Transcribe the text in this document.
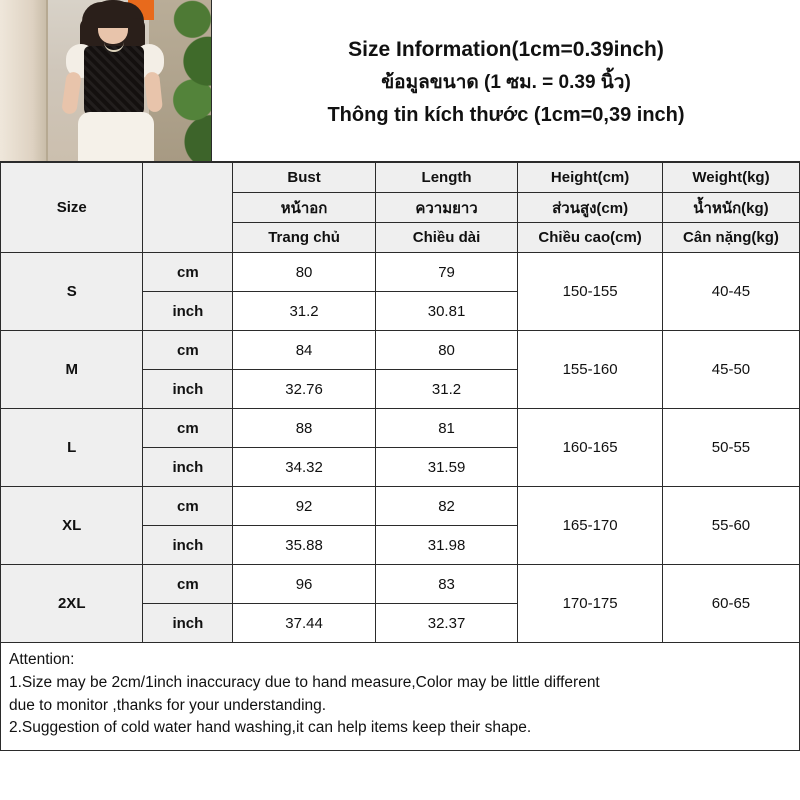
Size Information(1cm=0.39inch)
ข้อมูลขนาด (1 ซม. = 0.39 นิ้ว)
Thông tin kích thước (1cm=0,39 inch)
Size		Bust	Length	Height(cm)	Weight(kg)
		หน้าอก	ความยาว	ส่วนสูง(cm)	น้ำหนัก(kg)
		Trang chủ	Chiều dài	Chiều cao(cm)	Cân nặng(kg)
S	cm	80	79	150-155	40-45
	inch	31.2	30.81		
M	cm	84	80	155-160	45-50
	inch	32.76	31.2		
L	cm	88	81	160-165	50-55
	inch	34.32	31.59		
XL	cm	92	82	165-170	55-60
	inch	35.88	31.98		
2XL	cm	96	83	170-175	60-65
	inch	37.44	32.37		
Attention:
1.Size may be 2cm/1inch inaccuracy due to hand measure,Color may be little different
due to monitor ,thanks for your understanding.
2.Suggestion of cold water hand washing,it can help items keep their shape.
